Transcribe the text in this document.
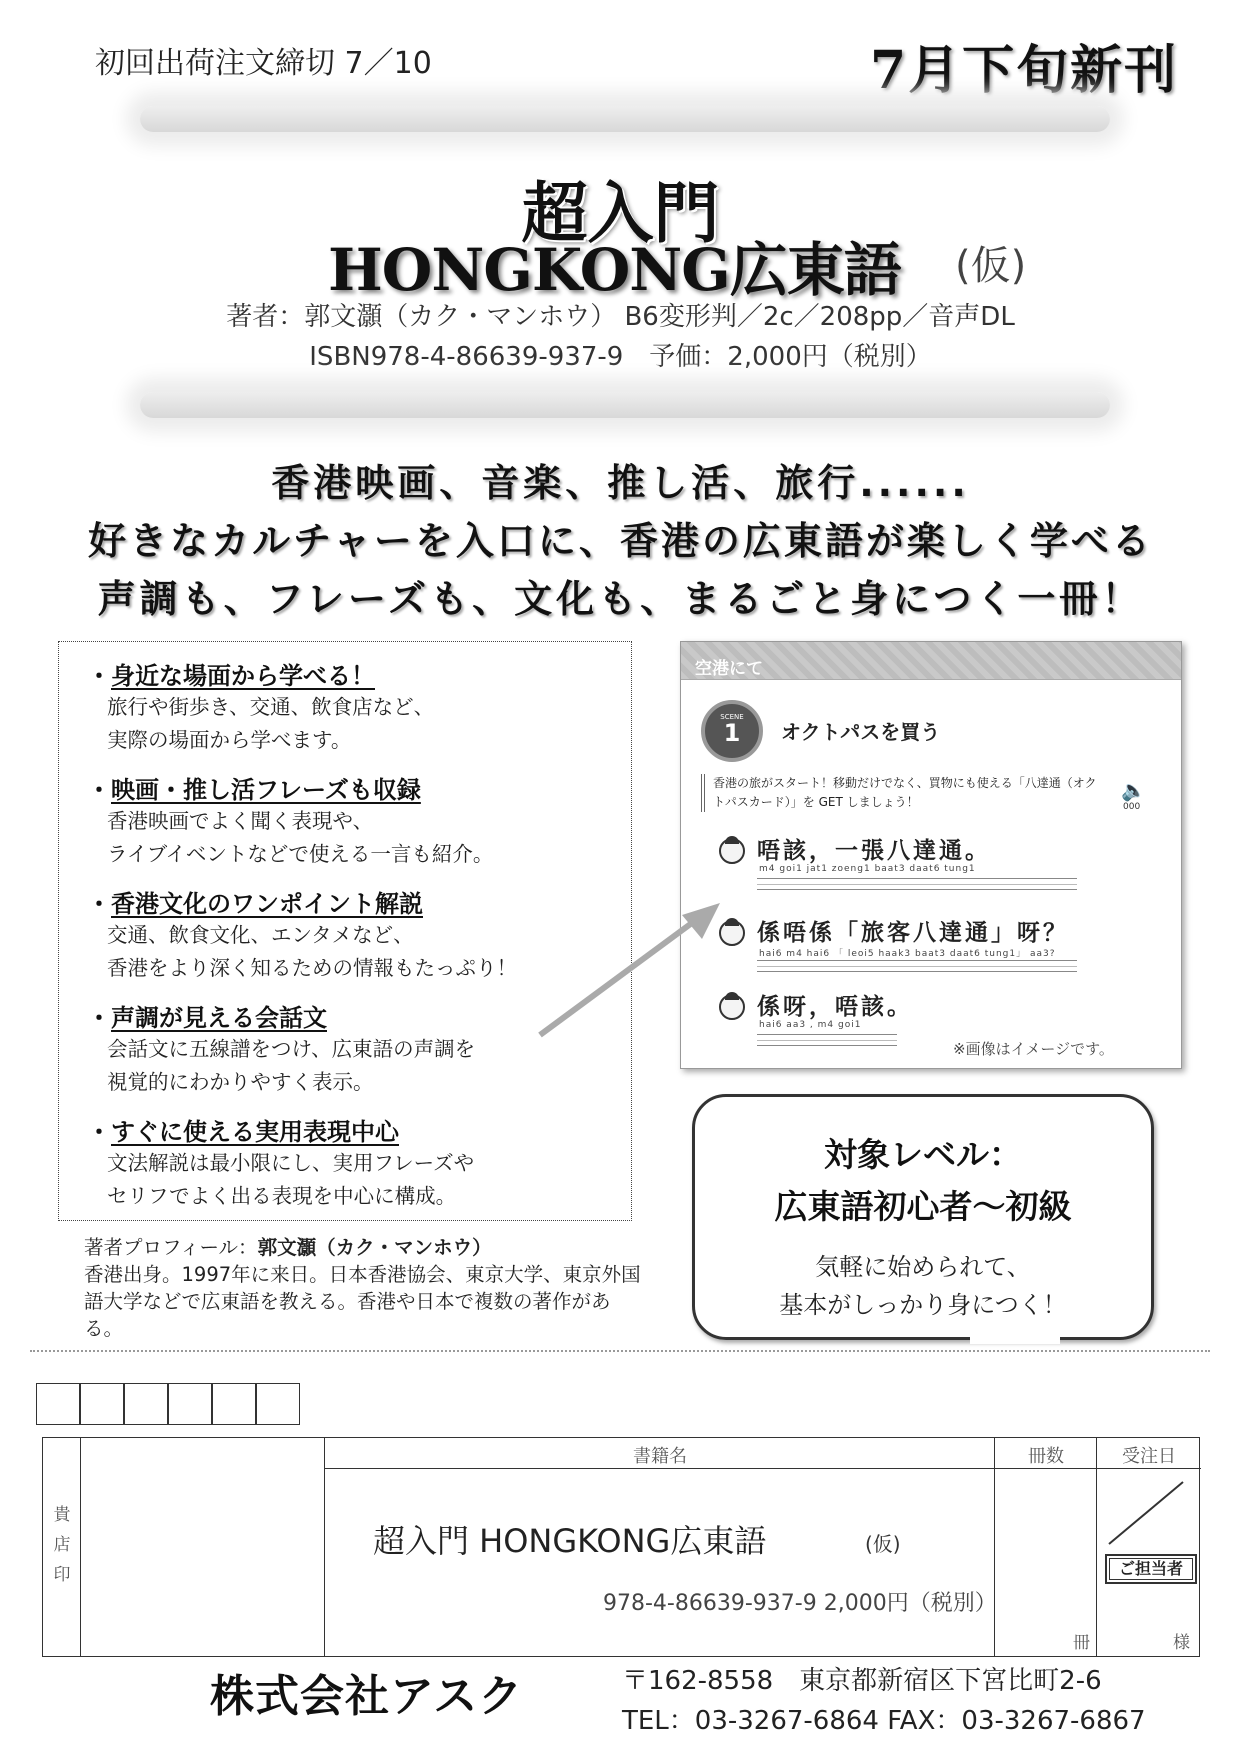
初回出荷注文締切 7／10	7月下旬新刊
超入門
HONGKONG広東語 (仮)
著者：郭文灝（カク・マンホウ） B6変形判／2c／208pp／音声DL
ISBN978-4-86639-937-9　予価：2,000円（税別）
香港映画、音楽、推し活、旅行......
好きなカルチャーを入口に、香港の広東語が楽しく学べる
声調も、フレーズも、文化も、まるごと身につく一冊！
・身近な場面から学べる！
旅行や街歩き、交通、飲食店など、
実際の場面から学べます。
・映画・推し活フレーズも収録
香港映画でよく聞く表現や、
ライブイベントなどで使える一言も紹介。
・香港文化のワンポイント解説
交通、飲食文化、エンタメなど、
香港をより深く知るための情報もたっぷり！
・声調が見える会話文
会話文に五線譜をつけ、広東語の声調を
視覚的にわかりやすく表示。
・すぐに使える実用表現中心
文法解説は最小限にし、実用フレーズや
セリフでよく出る表現を中心に構成。
著者プロフィール：郭文灝（カク・マンホウ）
香港出身。1997年に来日。日本香港協会、東京大学、東京外国語大学などで広東語を教える。香港や日本で複数の著作がある。
空港にて
SCENE
1	オクトパスを買う
香港の旅がスタート！移動だけでなく、買物にも使える「八達通（オクトパスカード）」を GET しましょう！	🔈
000
唔該，一張八達通。
m4 goi1 jat1 zoeng1 baat3 daat6 tung1
係唔係「旅客八達通」呀？
hai6 m4 hai6 「 leoi5 haak3 baat3 daat6 tung1」 aa3?
係呀，唔該。
hai6 aa3 , m4 goi1
※画像はイメージです。
対象レベル：
広東語初心者〜初級
気軽に始められて、
基本がしっかり身につく！
貴
店
印
書籍名	冊数	受注日
超入門 HONGKONG広東語	(仮)
978-4-86639-937-9 2,000円（税別）
冊
ご担当者
様
株式会社アスク	〒162-8558　東京都新宿区下宮比町2-6
TEL：03-3267-6864 FAX：03-3267-6867
